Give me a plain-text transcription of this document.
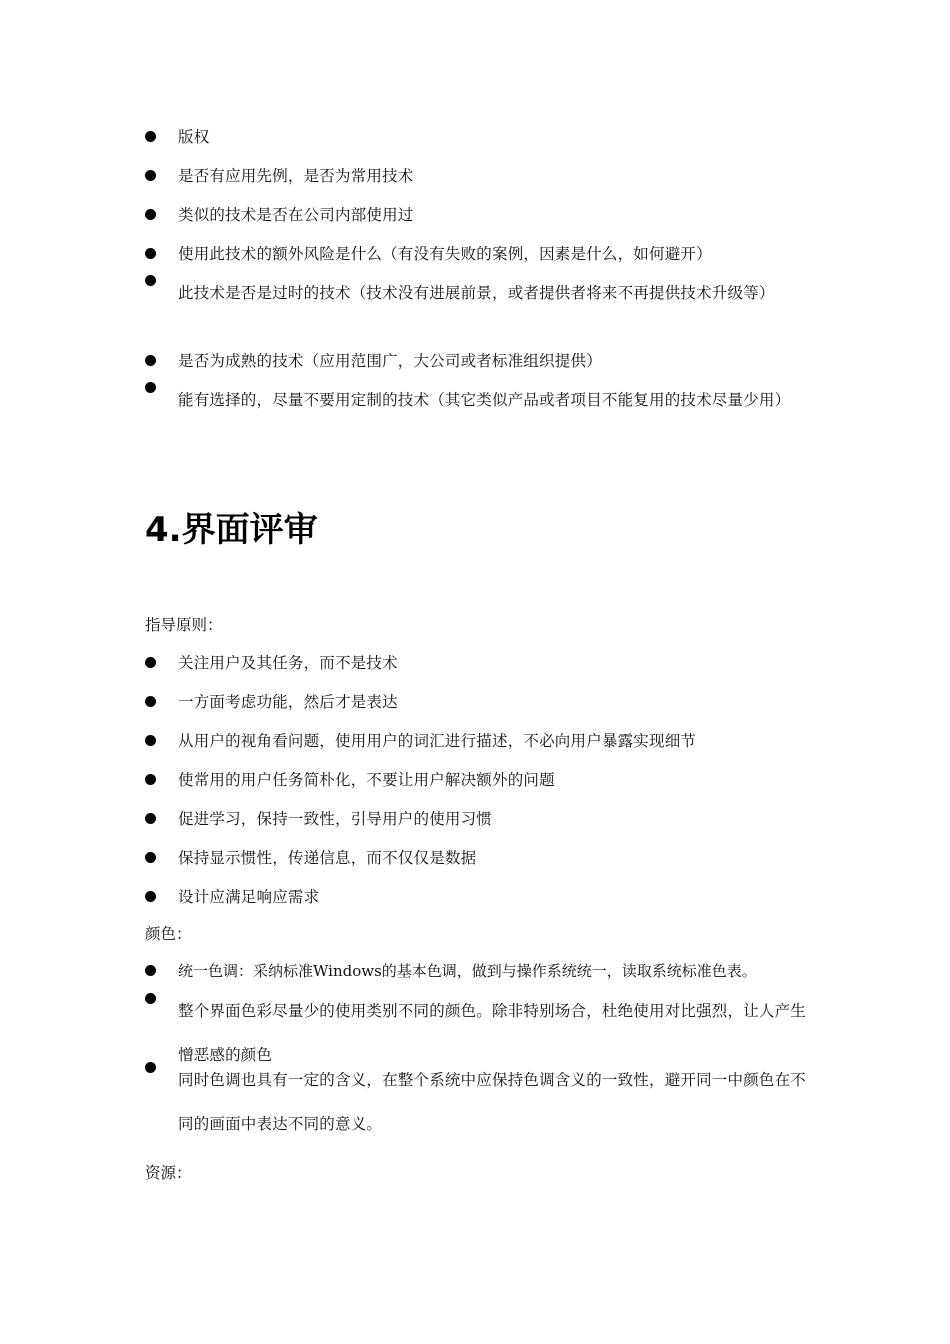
版权
是否有应用先例，是否为常用技术
类似的技术是否在公司内部使用过
使用此技术的额外风险是什么（有没有失败的案例，因素是什么，如何避开）
此技术是否是过时的技术（技术没有进展前景，或者提供者将来不再提供技术升级等）
是否为成熟的技术（应用范围广，大公司或者标准组织提供）
能有选择的，尽量不要用定制的技术（其它类似产品或者项目不能复用的技术尽量少用）
4.界面评审

指导原则：

关注用户及其任务，而不是技术
一方面考虑功能，然后才是表达
从用户的视角看问题，使用用户的词汇进行描述，不必向用户暴露实现细节
使常用的用户任务简朴化，不要让用户解决额外的问题
促进学习，保持一致性，引导用户的使用习惯
保持显示惯性，传递信息，而不仅仅是数据
设计应满足响应需求

颜色：

统一色调：采纳标准Windows的基本色调，做到与操作系统统一，读取系统标准色表。
整个界面色彩尽量少的使用类别不同的颜色。除非特别场合，杜绝使用对比强烈，让人产生憎恶感的颜色
同时色调也具有一定的含义，在整个系统中应保持色调含义的一致性，避开同一中颜色在不同的画面中表达不同的意义。

资源：
